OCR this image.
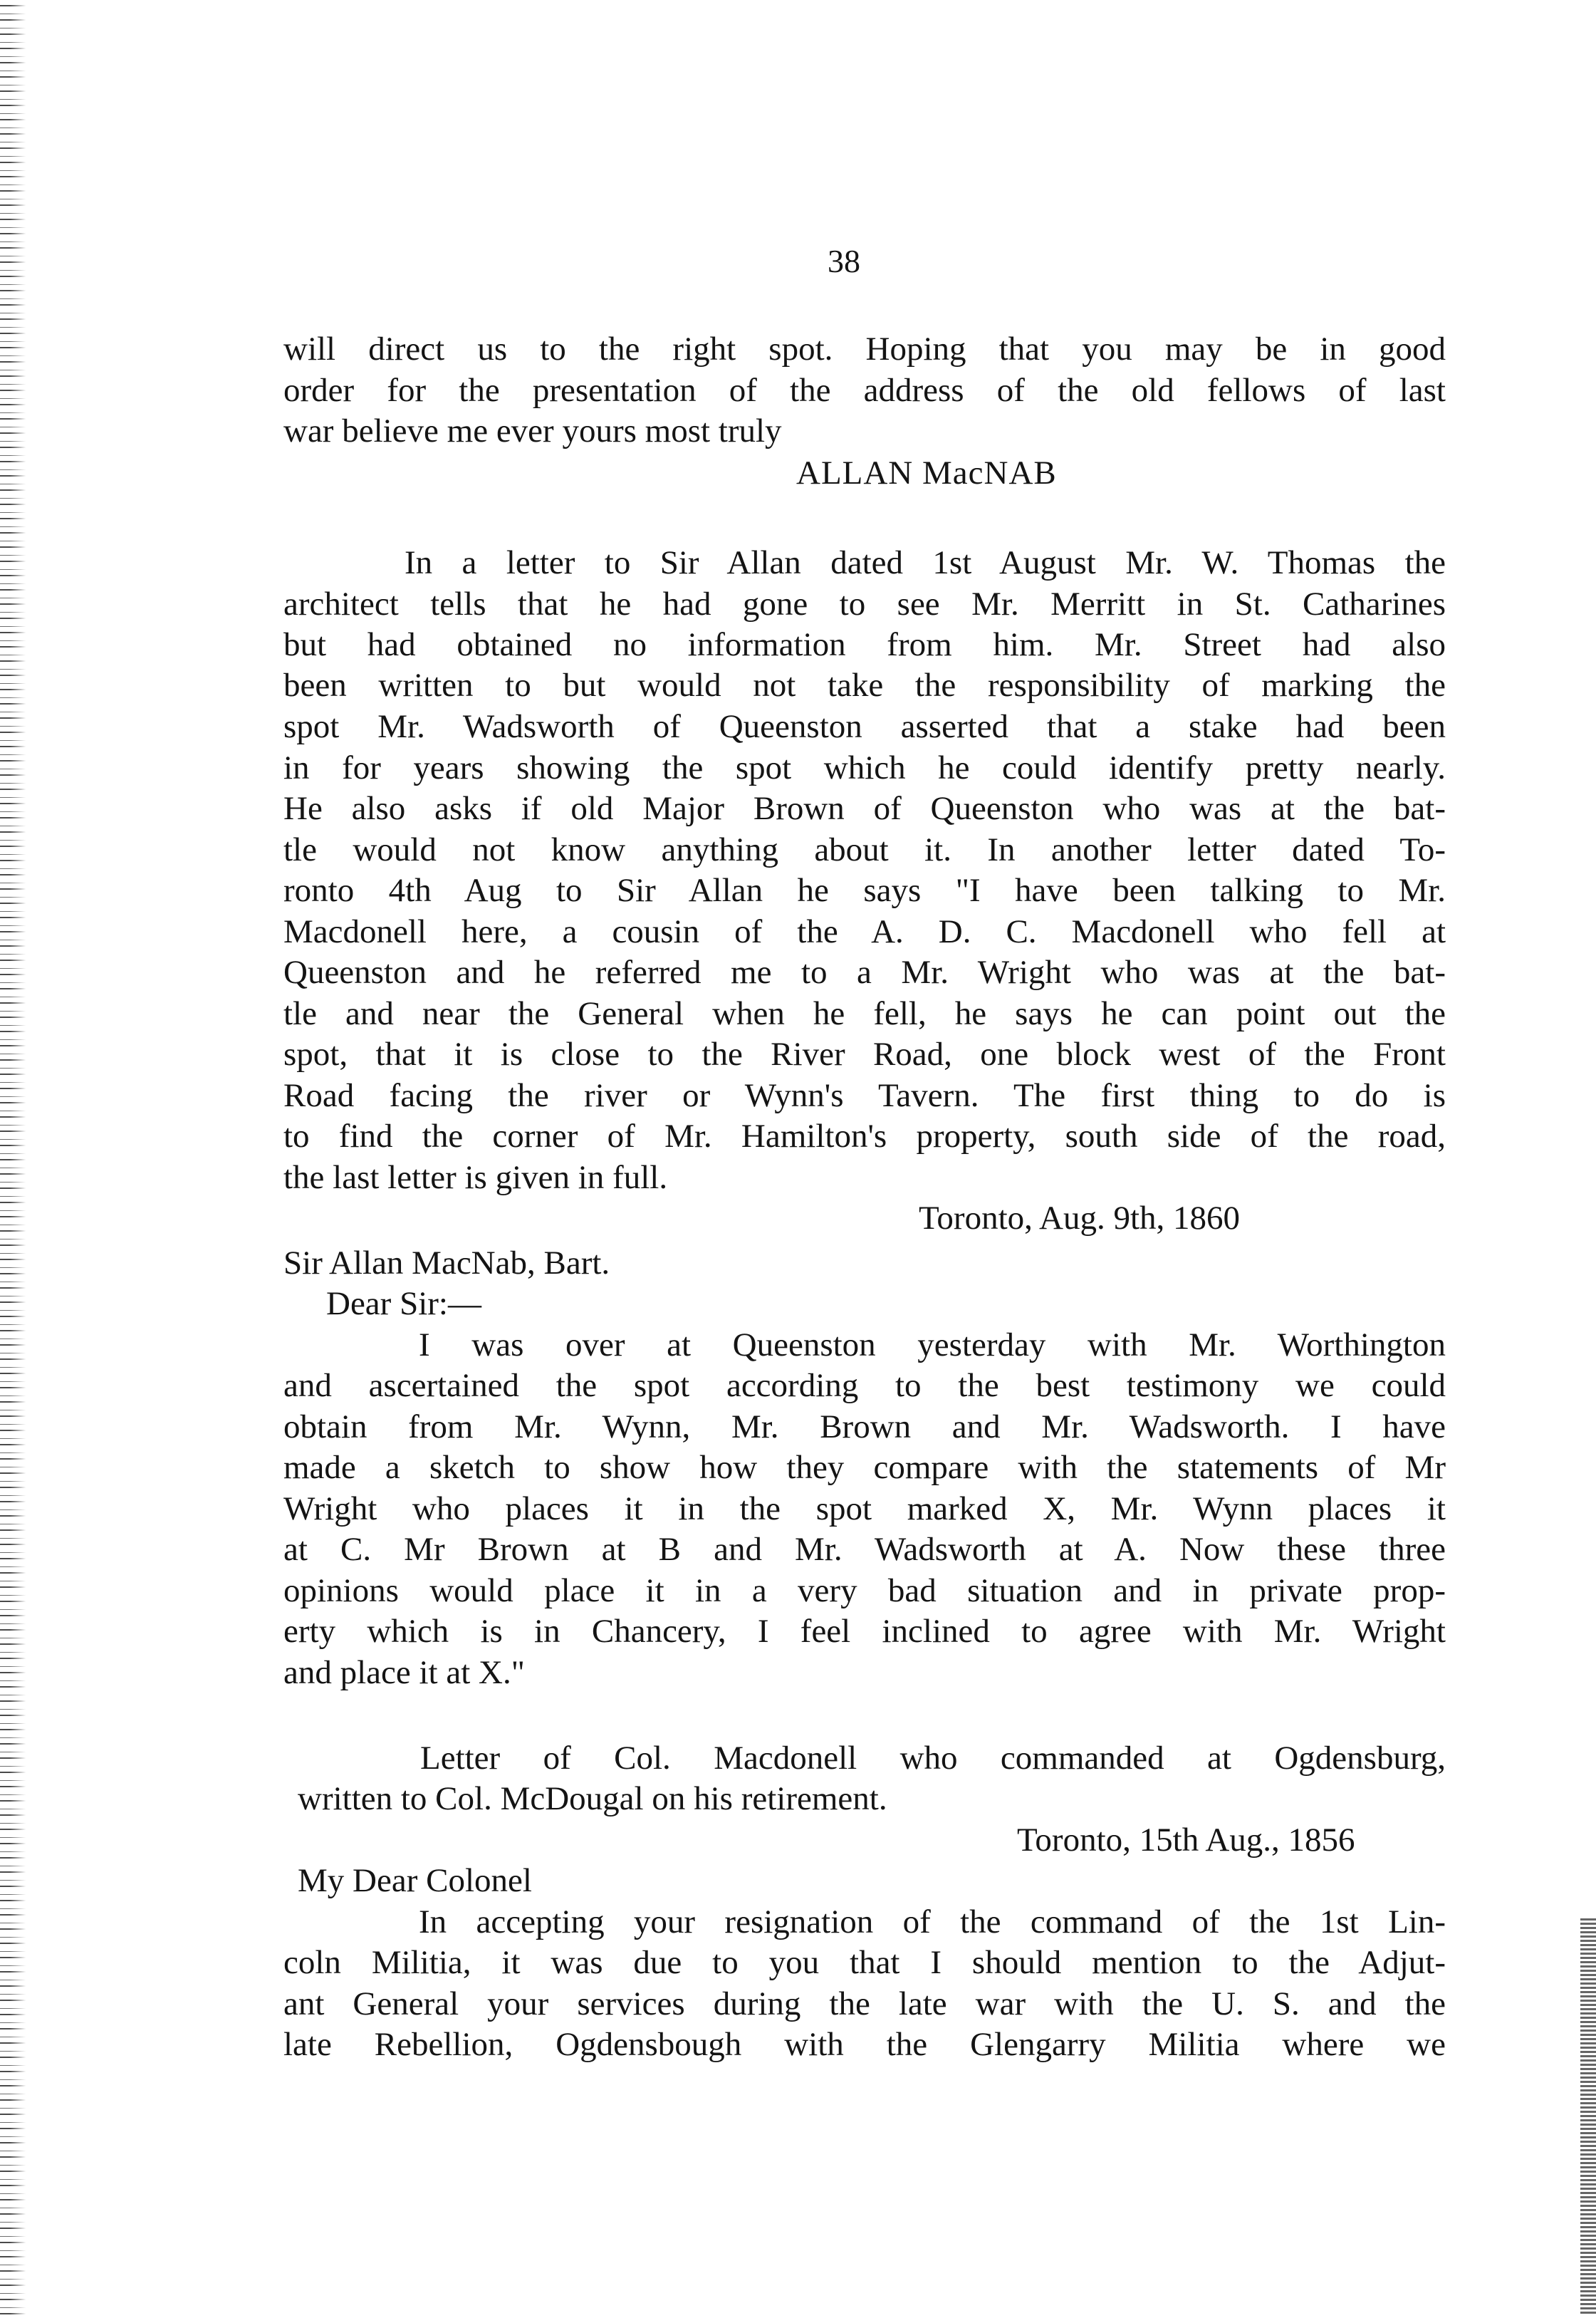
38
will direct us to the right spot. Hoping that you may be in good
order for the presentation of the address of the old fellows of last
war believe me ever yours most truly
ALLAN MacNAB
In a letter to Sir Allan dated 1st August Mr. W. Thomas the
architect tells that he had gone to see Mr. Merritt in St. Catharines
but had obtained no information from him. Mr. Street had also
been written to but would not take the responsibility of marking the
spot Mr. Wadsworth of Queenston asserted that a stake had been
in for years showing the spot which he could identify pretty nearly.
He also asks if old Major Brown of Queenston who was at the bat-
tle would not know anything about it. In another letter dated To-
ronto 4th Aug to Sir Allan he says "I have been talking to Mr.
Macdonell here, a cousin of the A. D. C. Macdonell who fell at
Queenston and he referred me to a Mr. Wright who was at the bat-
tle and near the General when he fell, he says he can point out the
spot, that it is close to the River Road, one block west of the Front
Road facing the river or Wynn's Tavern. The first thing to do is
to find the corner of Mr. Hamilton's property, south side of the road,
the last letter is given in full.
Toronto, Aug. 9th, 1860
Sir Allan MacNab, Bart.
Dear Sir:—
I was over at Queenston yesterday with Mr. Worthington
and ascertained the spot according to the best testimony we could
obtain from Mr. Wynn, Mr. Brown and Mr. Wadsworth. I have
made a sketch to show how they compare with the statements of Mr
Wright who places it in the spot marked X, Mr. Wynn places it
at C. Mr Brown at B and Mr. Wadsworth at A. Now these three
opinions would place it in a very bad situation and in private prop-
erty which is in Chancery, I feel inclined to agree with Mr. Wright
and place it at X."
Letter of Col. Macdonell who commanded at Ogdensburg,
written to Col. McDougal on his retirement.
Toronto, 15th Aug., 1856
My Dear Colonel
In accepting your resignation of the command of the 1st Lin-
coln Militia, it was due to you that I should mention to the Adjut-
ant General your services during the late war with the U. S. and the
late Rebellion, Ogdensbough with the Glengarry Militia where we
